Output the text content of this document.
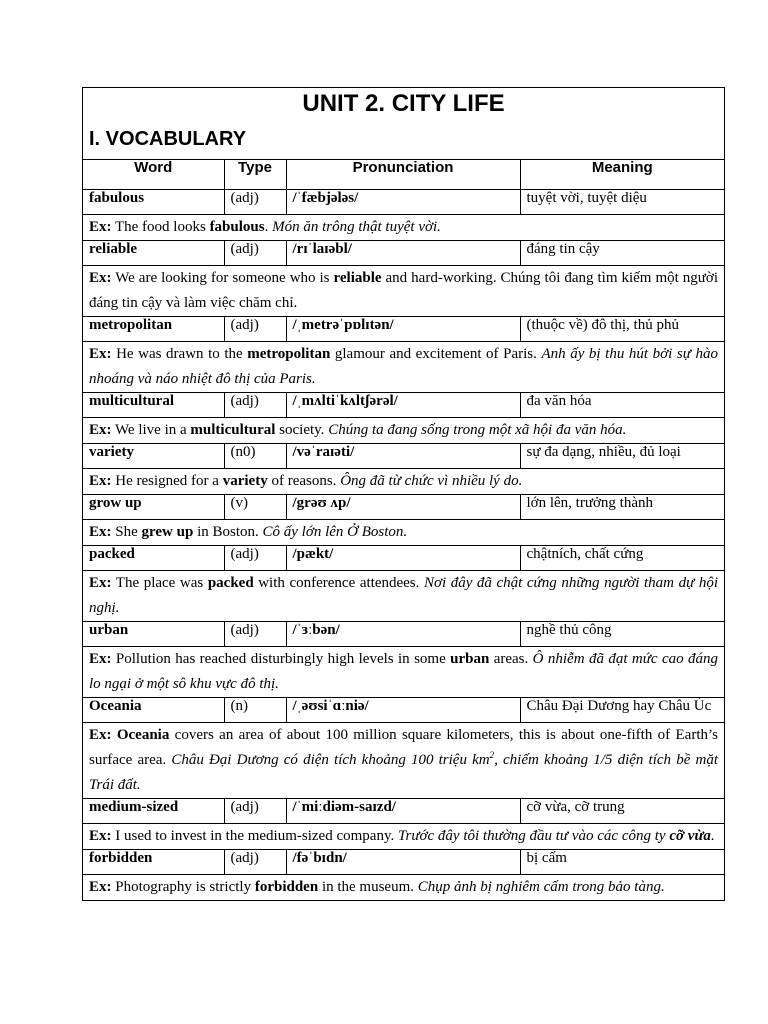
UNIT 2. CITY LIFE
I. VOCABULARY
Word	Type	Pronunciation	Meaning
fabulous	(adj)	/ˈfæbjələs/	tuyệt vời, tuyệt diệu
Ex: The food looks fabulous. Món ăn trông thật tuyệt vời.			
reliable	(adj)	/rɪˈlaɪəbl/	đáng tin cậy
Ex: We are looking for someone who is reliable and hard-working. Chúng tôi đang tìm kiếm một người đáng tin cậy và làm việc chăm chỉ.			
metropolitan	(adj)	/ˌmetrəˈpɒlɪtən/	(thuộc về) đô thị, thủ phủ
Ex: He was drawn to the metropolitan glamour and excitement of Paris. Anh ấy bị thu hút bởi sự hào nhoáng và náo nhiệt đô thị của Paris.			
multicultural	(adj)	/ˌmʌltiˈkʌltʃərəl/	đa văn hóa
Ex: We live in a multicultural society. Chúng ta đang sống trong một xã hội đa văn hóa.			
variety	(n0)	/vəˈraɪəti/	sự đa dạng, nhiều, đủ loại
Ex: He resigned for a variety of reasons. Ông đã từ chức vì nhiều lý do.			
grow up	(v)	/grəʊ ʌp/	lớn lên, trưởng thành
Ex: She grew up in Boston. Cô ấy lớn lên Ở Boston.			
packed	(adj)	/pækt/	chậtních, chất cứng
Ex: The place was packed with conference attendees. Nơi đây đã chật cứng những người tham dự hội nghị.			
urban	(adj)	/ˈɜːbən/	nghề thủ công
Ex: Pollution has reached disturbingly high levels in some urban areas. Ô nhiễm đã đạt mức cao đáng lo ngại ở một sô khu vực đô thị.			
Oceania	(n)	/ˌəʊsiˈɑːniə/	Châu Đại Dương hay Châu Úc
Ex: Oceania covers an area of about 100 million square kilometers, this is about one-fifth of Earth’s surface area. Châu Đại Dương có diện tích khoảng 100 triệu $km^2$, chiếm khoảng 1/5 diện tích bề mặt Trái đất.			
medium-sized	(adj)	/ˈmiːdiəm-saɪzd/	cỡ vừa, cỡ trung
Ex: I used to invest in the medium-sized company. Trước đây tôi thường đầu tư vào các công ty cỡ vừa.			
forbidden	(adj)	/fəˈbɪdn/	bị cấm
Ex: Photography is strictly forbidden in the museum. Chụp ảnh bị nghiêm cấm trong bảo tàng.			
